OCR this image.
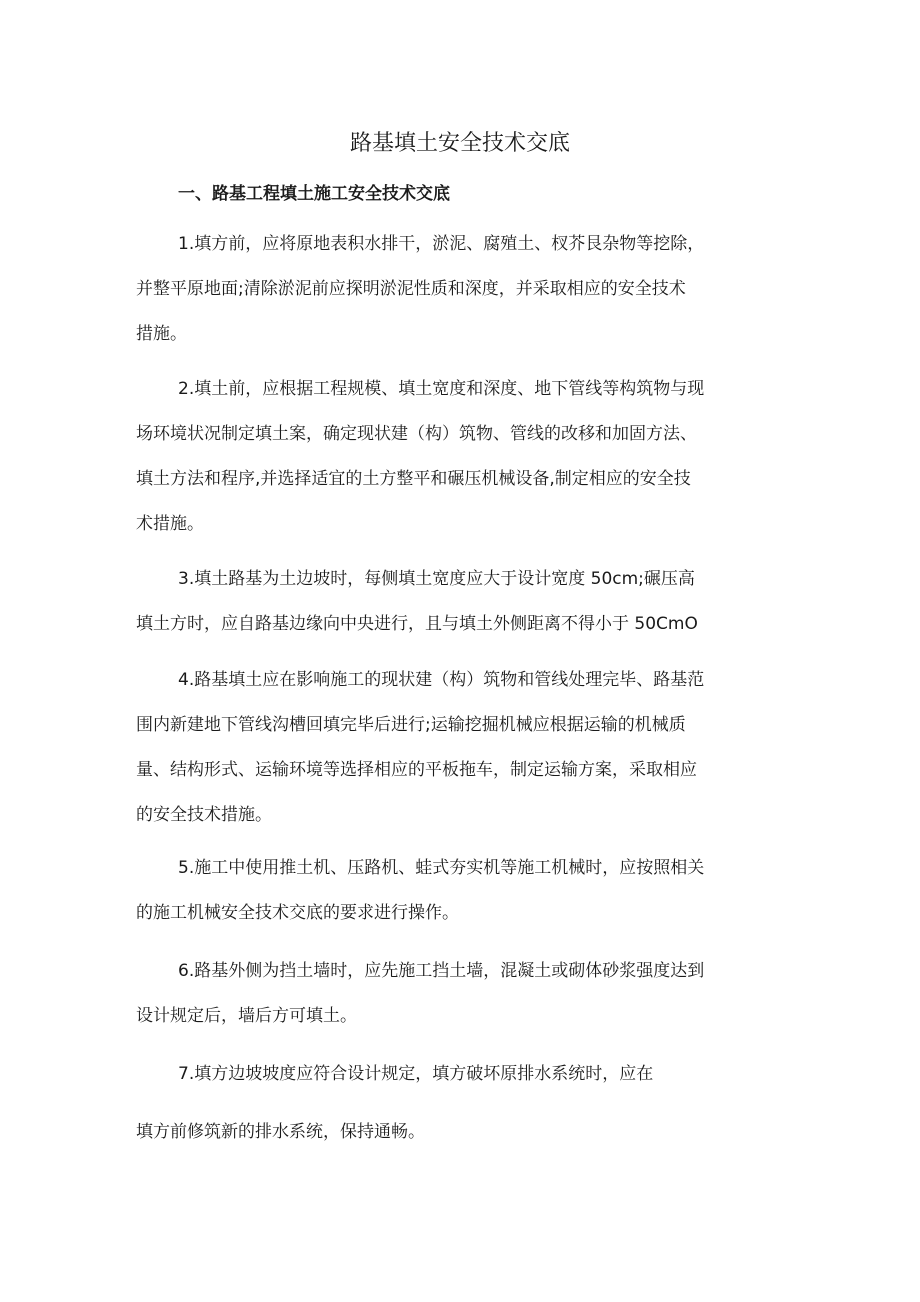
路基填土安全技术交底
一、路基工程填土施工安全技术交底
1.填方前，应将原地表积水排干，淤泥、腐殖土、杈芥艮杂物等挖除，
并整平原地面;清除淤泥前应探明淤泥性质和深度，并采取相应的安全技术
措施。
2.填土前，应根据工程规模、填土宽度和深度、地下管线等构筑物与现
场环境状况制定填土案，确定现状建（构）筑物、管线的改移和加固方法、
填土方法和程序,并选择适宜的土方整平和碾压机械设备,制定相应的安全技
术措施。
3.填土路基为土边坡时，每侧填土宽度应大于设计宽度 50cm;碾压高
填土方时，应自路基边缘向中央进行，且与填土外侧距离不得小于 50CmO
4.路基填土应在影响施工的现状建（构）筑物和管线处理完毕、路基范
围内新建地下管线沟槽回填完毕后进行;运输挖掘机械应根据运输的机械质
量、结构形式、运输环境等选择相应的平板拖车，制定运输方案，采取相应
的安全技术措施。
5.施工中使用推土机、压路机、蛙式夯实机等施工机械时，应按照相关
的施工机械安全技术交底的要求进行操作。
6.路基外侧为挡土墙时，应先施工挡土墙，混凝土或砌体砂浆强度达到
设计规定后，墙后方可填土。
7.填方边坡坡度应符合设计规定，填方破坏原排水系统时，应在
填方前修筑新的排水系统，保持通畅。
